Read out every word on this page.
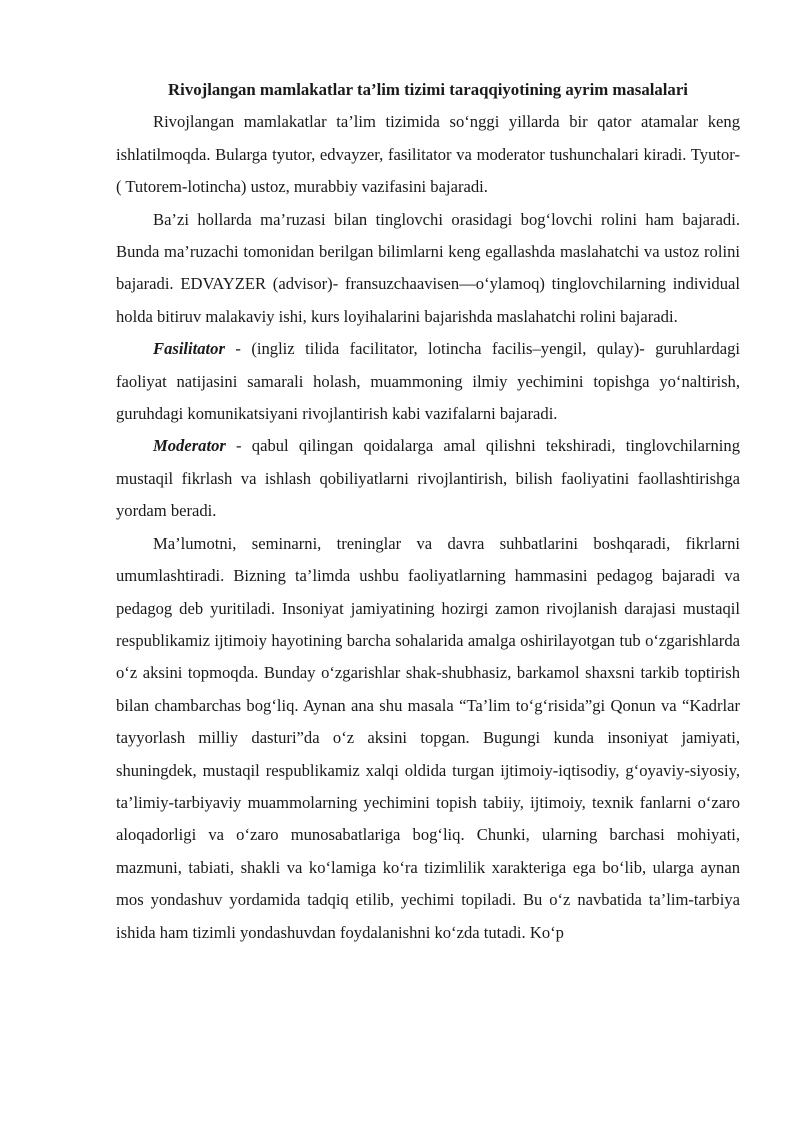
Rivojlangan mamlakatlar ta’lim tizimi taraqqiyotining ayrim masalalari

Rivojlangan mamlakatlar ta’lim tizimida so‘nggi yillarda bir qator atamalar keng ishlatilmoqda. Bularga tyutor, edvayzer, fasilitator va moderator tushunchalari kiradi. Tyutor- ( Tutorem-lotincha) ustoz, murabbiy vazifasini bajaradi.

Ba’zi hollarda ma’ruzasi bilan tinglovchi orasidagi bog‘lovchi rolini ham bajaradi. Bunda ma’ruzachi tomonidan berilgan bilimlarni keng egallashda maslahatchi va ustoz rolini bajaradi. EDVAYZER (advisor)- fransuzchaavisen—o‘ylamoq) tinglovchilarning individual holda bitiruv malakaviy ishi, kurs loyihalarini bajarishda maslahatchi rolini bajaradi.

Fasilitator - (ingliz tilida facilitator, lotincha facilis–yengil, qulay)- guruhlardagi faoliyat natijasini samarali holash, muammoning ilmiy yechimini topishga yo‘naltirish, guruhdagi komunikatsiyani rivojlantirish kabi vazifalarni bajaradi.

Moderator - qabul qilingan qoidalarga amal qilishni tekshiradi, tinglovchilarning mustaqil fikrlash va ishlash qobiliyatlarni rivojlantirish, bilish faoliyatini faollashtirishga yordam beradi.

Ma’lumotni, seminarni, treninglar va davra suhbatlarini boshqaradi, fikrlarni umumlashtiradi. Bizning ta’limda ushbu faoliyatlarning hammasini pedagog bajaradi va pedagog deb yuritiladi. Insoniyat jamiyatining hozirgi zamon rivojlanish darajasi mustaqil respublikamiz ijtimoiy hayotining barcha sohalarida amalga oshirilayotgan tub o‘zgarishlarda o‘z aksini topmoqda. Bunday o‘zgarishlar shak-shubhasiz, barkamol shaxsni tarkib toptirish bilan chambarchas bog‘liq. Aynan ana shu masala “Ta’lim to‘g‘risida”gi Qonun va “Kadrlar tayyorlash milliy dasturi”da o‘z aksini topgan. Bugungi kunda insoniyat jamiyati, shuningdek, mustaqil respublikamiz xalqi oldida turgan ijtimoiy-iqtisodiy, g‘oyaviy-siyosiy, ta’limiy-tarbiyaviy muammolarning yechimini topish tabiiy, ijtimoiy, texnik fanlarni o‘zaro aloqadorligi va o‘zaro munosabatlariga bog‘liq. Chunki, ularning barchasi mohiyati, mazmuni, tabiati, shakli va ko‘lamiga ko‘ra tizimlilik xarakteriga ega bo‘lib, ularga aynan mos yondashuv yordamida tadqiq etilib, yechimi topiladi. Bu o‘z navbatida ta’lim-tarbiya ishida ham tizimli yondashuvdan foydalanishni ko‘zda tutadi. Ko‘p
